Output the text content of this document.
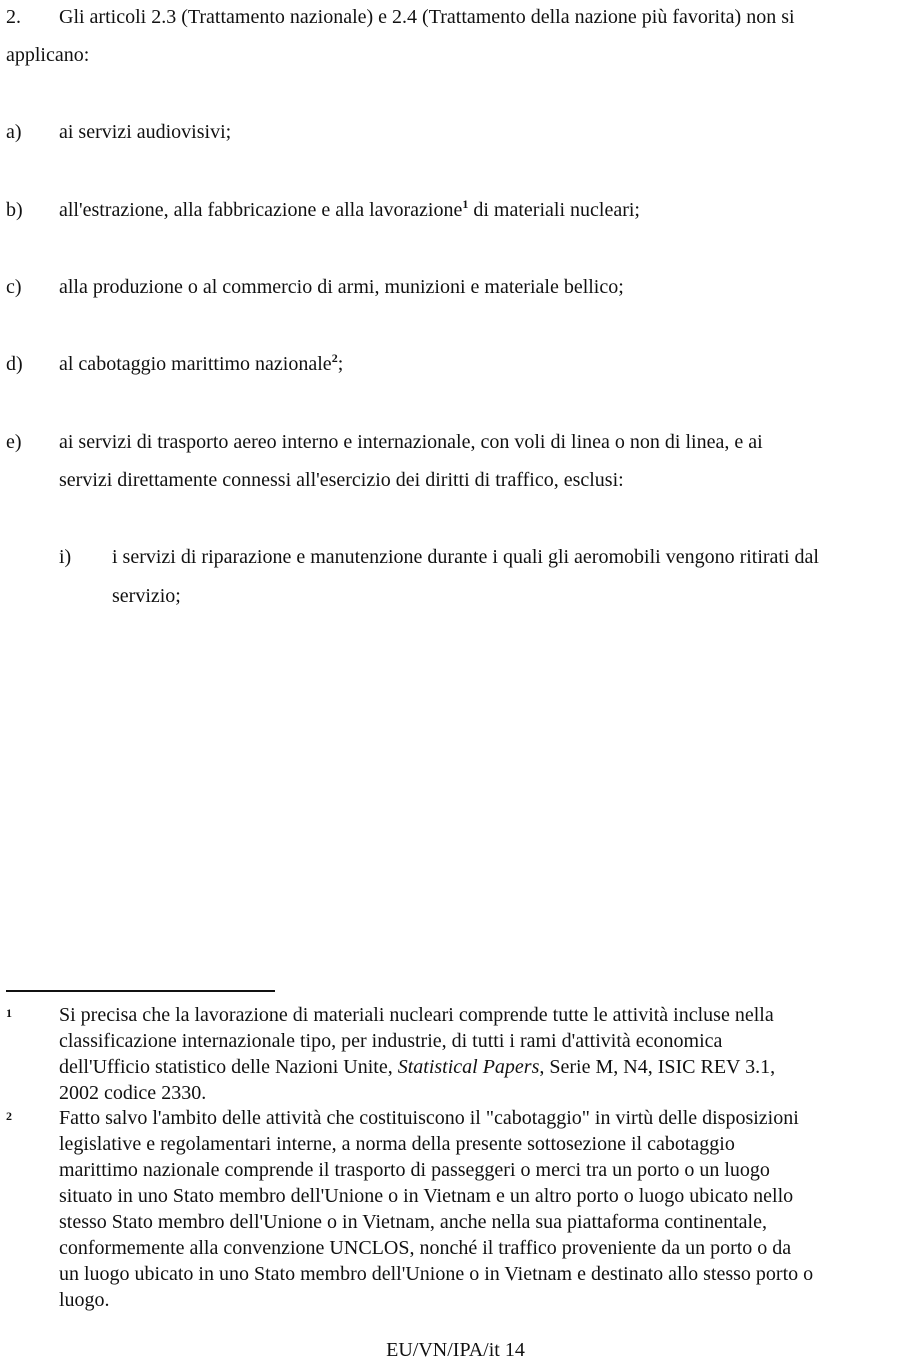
2. Gli articoli 2.3 (Trattamento nazionale) e 2.4 (Trattamento della nazione più favorita) non si
applicano:
a) ai servizi audiovisivi;
b) all'estrazione, alla fabbricazione e alla lavorazione$^1$ di materiali nucleari;
c) alla produzione o al commercio di armi, munizioni e materiale bellico;
d) al cabotaggio marittimo nazionale$^2$;
e) ai servizi di trasporto aereo interno e internazionale, con voli di linea o non di linea, e ai
servizi direttamente connessi all'esercizio dei diritti di traffico, esclusi:
i) i servizi di riparazione e manutenzione durante i quali gli aeromobili vengono ritirati dal
servizio;
1 Si precisa che la lavorazione di materiali nucleari comprende tutte le attività incluse nella
classificazione internazionale tipo, per industrie, di tutti i rami d'attività economica
dell'Ufficio statistico delle Nazioni Unite, Statistical Papers, Serie M, N4, ISIC REV 3.1,
2002 codice 2330.
2 Fatto salvo l'ambito delle attività che costituiscono il "cabotaggio" in virtù delle disposizioni
legislative e regolamentari interne, a norma della presente sottosezione il cabotaggio
marittimo nazionale comprende il trasporto di passeggeri o merci tra un porto o un luogo
situato in uno Stato membro dell'Unione o in Vietnam e un altro porto o luogo ubicato nello
stesso Stato membro dell'Unione o in Vietnam, anche nella sua piattaforma continentale,
conformemente alla convenzione UNCLOS, nonché il traffico proveniente da un porto o da
un luogo ubicato in uno Stato membro dell'Unione o in Vietnam e destinato allo stesso porto o
luogo.
EU/VN/IPA/it 14
